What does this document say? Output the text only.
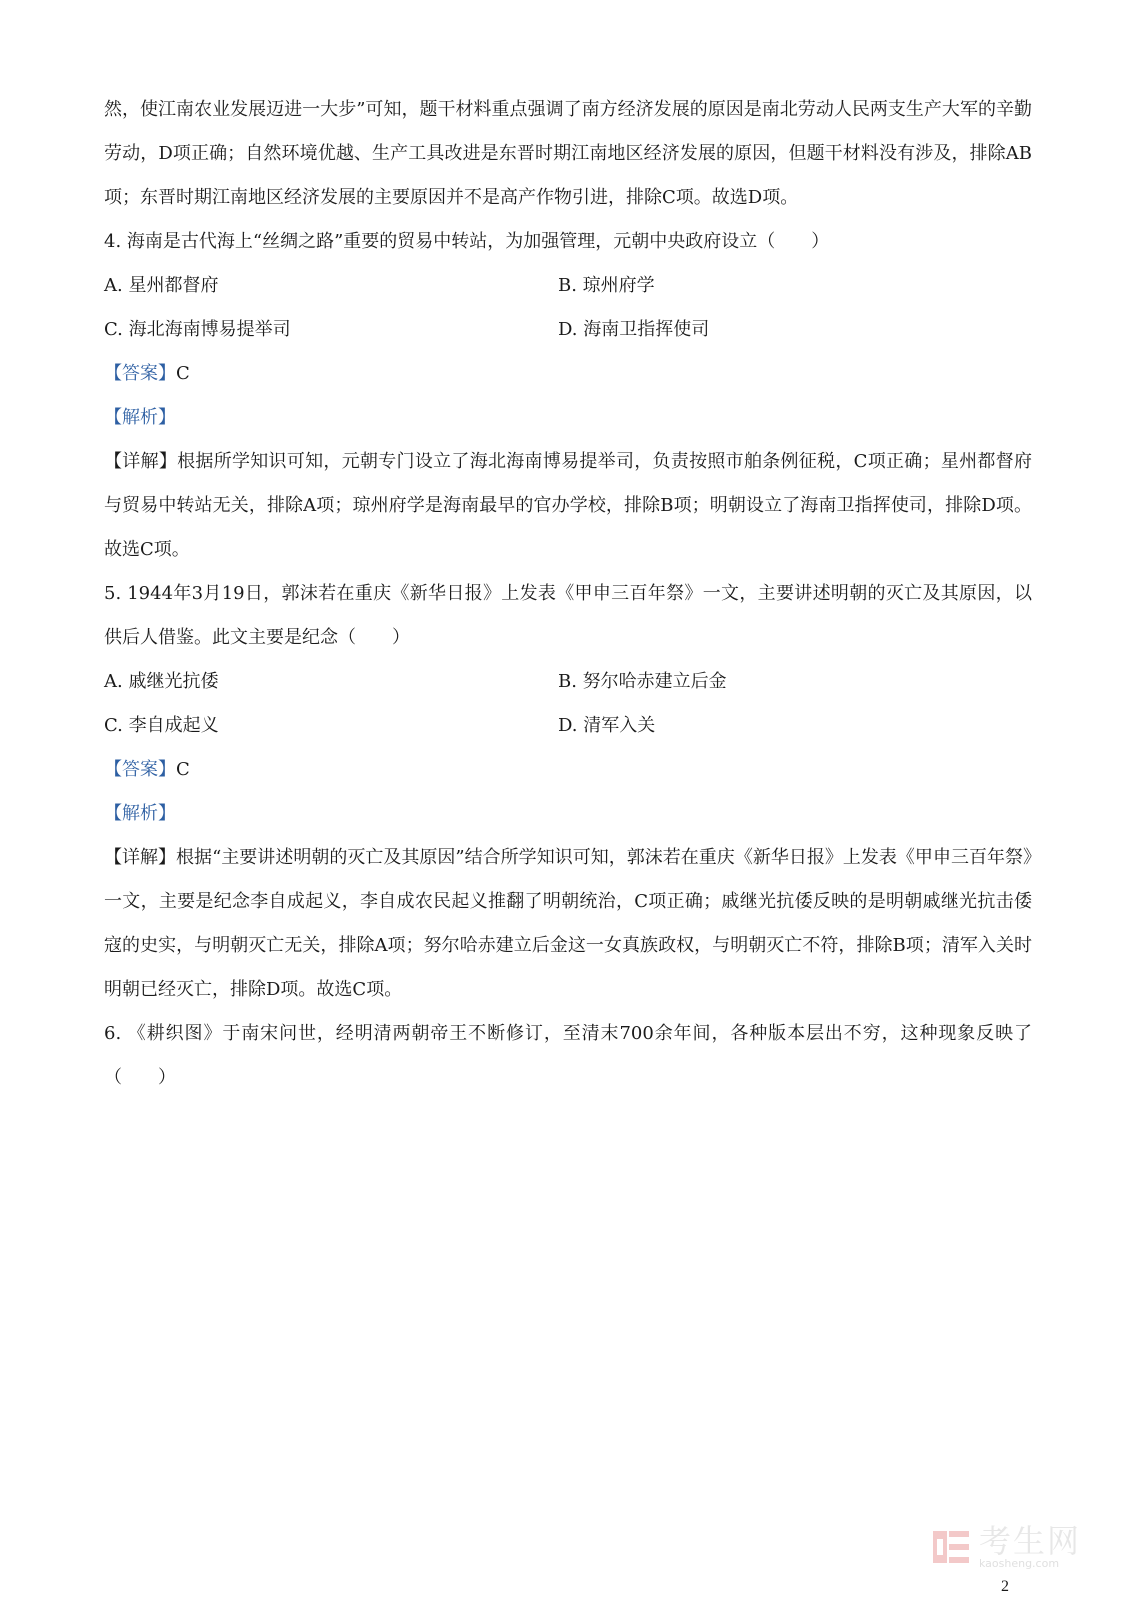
然，使江南农业发展迈进一大步”可知，题干材料重点强调了南方经济发展的原因是南北劳动人民两支生产大军的辛勤劳动，D项正确；自然环境优越、生产工具改进是东晋时期江南地区经济发展的原因，但题干材料没有涉及，排除AB项；东晋时期江南地区经济发展的主要原因并不是高产作物引进，排除C项。故选D项。

4. 海南是古代海上“丝绸之路”重要的贸易中转站，为加强管理，元朝中央政府设立（　　）

A. 星州都督府	B. 琼州府学
C. 海北海南博易提举司	D. 海南卫指挥使司

【答案】C

【解析】

【详解】根据所学知识可知，元朝专门设立了海北海南博易提举司，负责按照市舶条例征税，C项正确；星州都督府与贸易中转站无关，排除A项；琼州府学是海南最早的官办学校，排除B项；明朝设立了海南卫指挥使司，排除D项。故选C项。

5. 1944年3月19日，郭沫若在重庆《新华日报》上发表《甲申三百年祭》一文，主要讲述明朝的灭亡及其原因，以供后人借鉴。此文主要是纪念（　　）

A. 戚继光抗倭	B. 努尔哈赤建立后金
C. 李自成起义	D. 清军入关

【答案】C

【解析】

【详解】根据“主要讲述明朝的灭亡及其原因”结合所学知识可知，郭沫若在重庆《新华日报》上发表《甲申三百年祭》一文，主要是纪念李自成起义，李自成农民起义推翻了明朝统治，C项正确；戚继光抗倭反映的是明朝戚继光抗击倭寇的史实，与明朝灭亡无关，排除A项；努尔哈赤建立后金这一女真族政权，与明朝灭亡不符，排除B项；清军入关时明朝已经灭亡，排除D项。故选C项。

6. 《耕织图》于南宋问世，经明清两朝帝王不断修订，至清末700余年间，各种版本层出不穷，这种现象反映了（　　）

考生网
kaosheng.com
2
